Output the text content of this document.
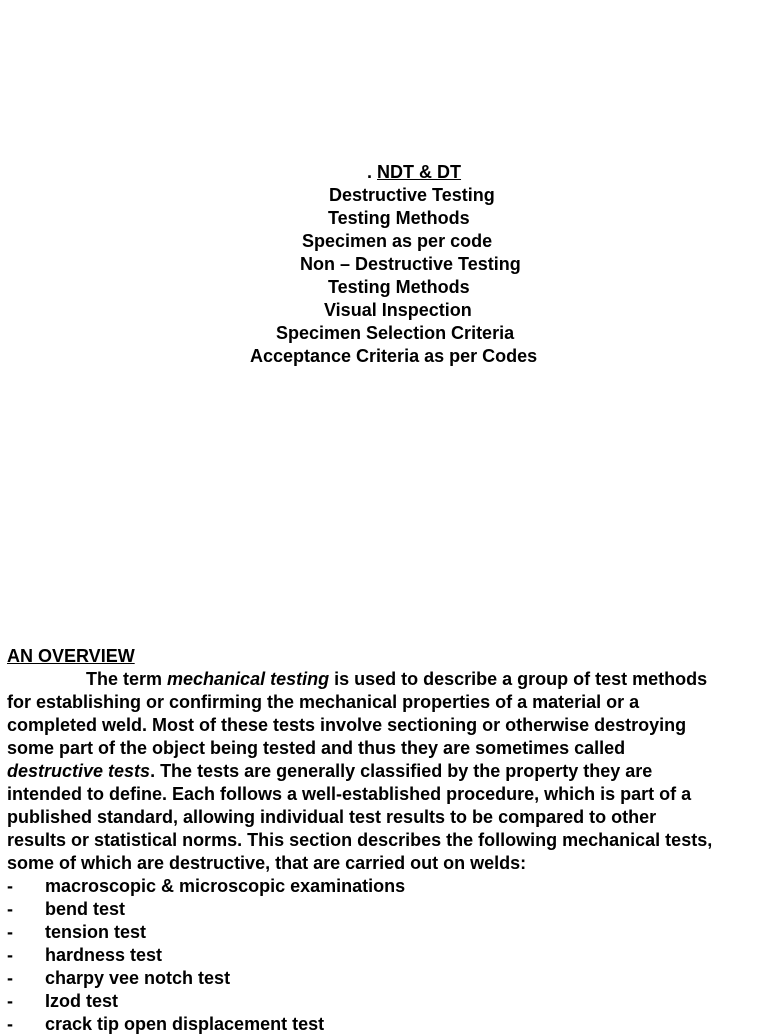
. NDT & DT
Destructive Testing
Testing Methods
Specimen as per code
Non – Destructive Testing
Testing Methods
Visual Inspection
Specimen Selection Criteria
Acceptance Criteria as per Codes
AN OVERVIEW
The term mechanical testing is used to describe a group of test methods
for establishing or confirming the mechanical properties of a material or a
completed weld. Most of these tests involve sectioning or otherwise destroying
some part of the object being tested and thus they are sometimes called
destructive tests. The tests are generally classified by the property they are
intended to define. Each follows a well-established procedure, which is part of a
published standard, allowing individual test results to be compared to other
results or statistical norms. This section describes the following mechanical tests,
some of which are destructive, that are carried out on welds:
- macroscopic & microscopic examinations
- bend test
- tension test
- hardness test
- charpy vee notch test
- Izod test
- crack tip open displacement test
